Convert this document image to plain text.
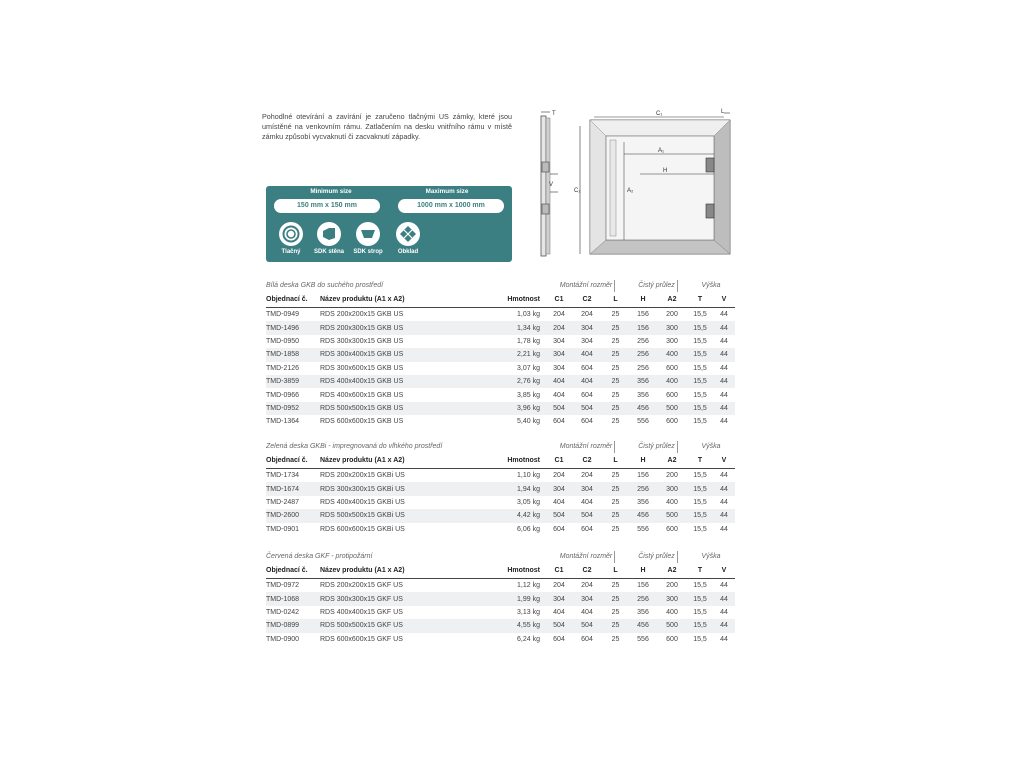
Pohodlné otevírání a zavírání je zaručeno tlačnými US zámky, které jsou umístěné na venkovním rámu. Zatlačením na desku vnitřního rámu v místě zámku způsobí vycvaknutí či zacvaknutí západky.
Minimum size
150 mm x 150 mm
Maximum size
1000 mm x 1000 mm
Tlačný	SDK stěna	SDK strop	Obklad
T
V
C₁	L
C₂
A₁
H
A₂
Bílá deska GKB do suchého prostředí			Montážní rozměr			Čistý průlez		Výška	
Objednací č.	Název produktu (A1 x A2)	Hmotnost	C1	C2	L	H	A2	T	V
TMD-0949	RDS 200x200x15 GKB US	1,03 kg	204	204	25	156	200	15,5	44
TMD-1496	RDS 200x300x15 GKB US	1,34 kg	204	304	25	156	300	15,5	44
TMD-0950	RDS 300x300x15 GKB US	1,78 kg	304	304	25	256	300	15,5	44
TMD-1858	RDS 300x400x15 GKB US	2,21 kg	304	404	25	256	400	15,5	44
TMD-2126	RDS 300x600x15 GKB US	3,07 kg	304	604	25	256	600	15,5	44
TMD-3859	RDS 400x400x15 GKB US	2,76 kg	404	404	25	356	400	15,5	44
TMD-0966	RDS 400x600x15 GKB US	3,85 kg	404	604	25	356	600	15,5	44
TMD-0952	RDS 500x500x15 GKB US	3,96 kg	504	504	25	456	500	15,5	44
TMD-1364	RDS 600x600x15 GKB US	5,40 kg	604	604	25	556	600	15,5	44
Zelená deska GKBi - impregnovaná do vlhkého prostředí			Montážní rozměr			Čistý průlez		Výška	
Objednací č.	Název produktu (A1 x A2)	Hmotnost	C1	C2	L	H	A2	T	V
TMD-1734	RDS 200x200x15 GKBi US	1,10 kg	204	204	25	156	200	15,5	44
TMD-1674	RDS 300x300x15 GKBi US	1,94 kg	304	304	25	256	300	15,5	44
TMD-2487	RDS 400x400x15 GKBi US	3,05 kg	404	404	25	356	400	15,5	44
TMD-2600	RDS 500x500x15 GKBi US	4,42 kg	504	504	25	456	500	15,5	44
TMD-0901	RDS 600x600x15 GKBi US	6,06 kg	604	604	25	556	600	15,5	44
Červená deska GKF - protipožární			Montážní rozměr			Čistý průlez		Výška	
Objednací č.	Název produktu (A1 x A2)	Hmotnost	C1	C2	L	H	A2	T	V
TMD-0972	RDS 200x200x15 GKF US	1,12 kg	204	204	25	156	200	15,5	44
TMD-1068	RDS 300x300x15 GKF US	1,99 kg	304	304	25	256	300	15,5	44
TMD-0242	RDS 400x400x15 GKF US	3,13 kg	404	404	25	356	400	15,5	44
TMD-0899	RDS 500x500x15 GKF US	4,55 kg	504	504	25	456	500	15,5	44
TMD-0900	RDS 600x600x15 GKF US	6,24 kg	604	604	25	556	600	15,5	44
